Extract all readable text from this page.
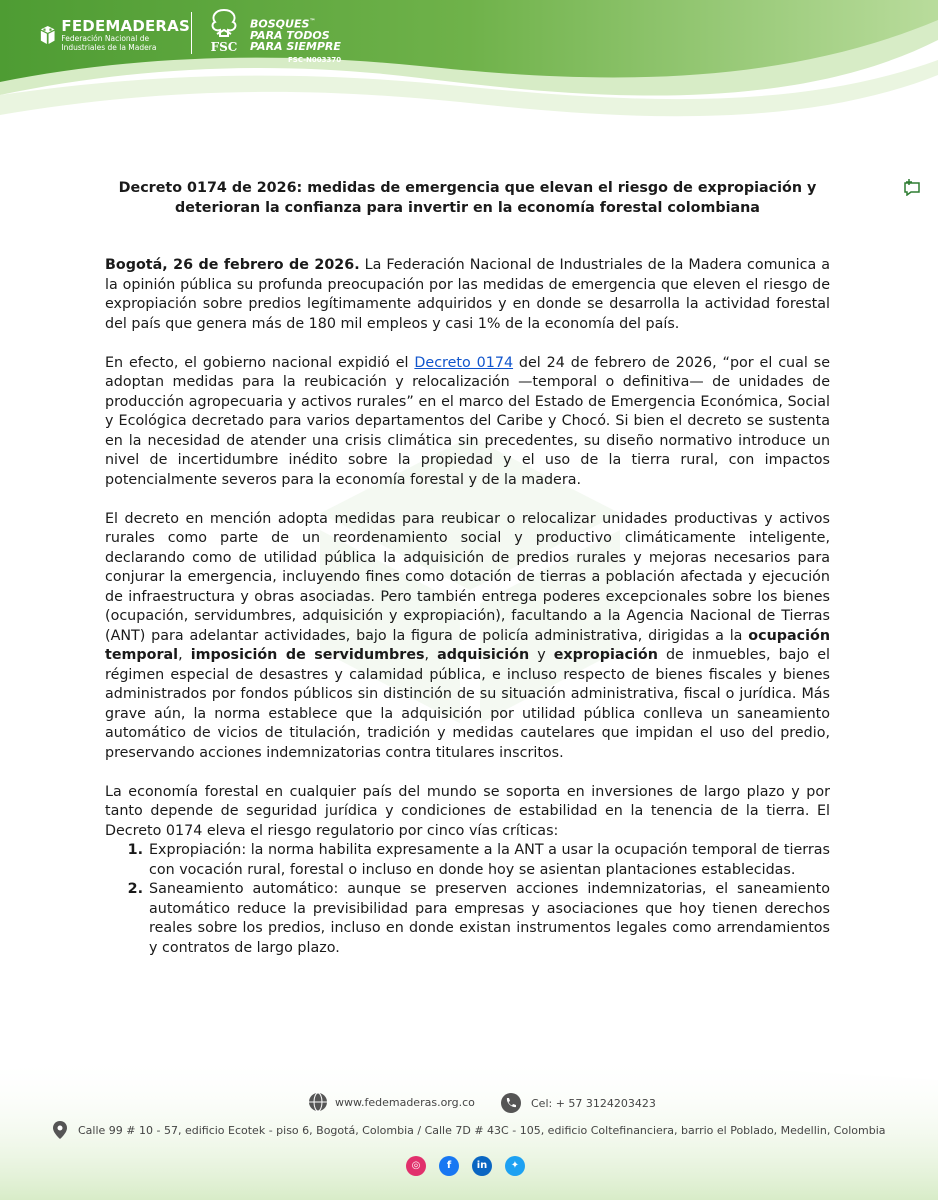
FEDEMADERAS
Federación Nacional de
Industriales de la Madera	FSC
BOSQUES™
PARA TODOS
PARA SIEMPRE
FSC-N003370
Decreto 0174 de 2026: medidas de emergencia que elevan el riesgo de expropiación y
deterioran la confianza para invertir en la economía forestal colombiana

Bogotá, 26 de febrero de 2026. La Federación Nacional de Industriales de la Madera comunica a la opinión pública su profunda preocupación por las medidas de emergencia que eleven el riesgo de expropiación sobre predios legítimamente adquiridos y en donde se desarrolla la actividad forestal del país que genera más de 180 mil empleos y casi 1% de la economía del país.

En efecto, el gobierno nacional expidió el Decreto 0174 del 24 de febrero de 2026, “por el cual se adoptan medidas para la reubicación y relocalización —temporal o definitiva— de unidades de producción agropecuaria y activos rurales” en el marco del Estado de Emergencia Económica, Social y Ecológica decretado para varios departamentos del Caribe y Chocó. Si bien el decreto se sustenta en la necesidad de atender una crisis climática sin precedentes, su diseño normativo introduce un nivel de incertidumbre inédito sobre la propiedad y el uso de la tierra rural, con impactos potencialmente severos para la economía forestal y de la madera.

El decreto en mención adopta medidas para reubicar o relocalizar unidades productivas y activos rurales como parte de un reordenamiento social y productivo climáticamente inteligente, declarando como de utilidad pública la adquisición de predios rurales y mejoras necesarios para conjurar la emergencia, incluyendo fines como dotación de tierras a población afectada y ejecución de infraestructura y obras asociadas. Pero también entrega poderes excepcionales sobre los bienes (ocupación, servidumbres, adquisición y expropiación), facultando a la Agencia Nacional de Tierras (ANT) para adelantar actividades, bajo la figura de policía administrativa, dirigidas a la ocupación temporal, imposición de servidumbres, adquisición y expropiación de inmuebles, bajo el régimen especial de desastres y calamidad pública, e incluso respecto de bienes fiscales y bienes administrados por fondos públicos sin distinción de su situación administrativa, fiscal o jurídica. Más grave aún, la norma establece que la adquisición por utilidad pública conlleva un saneamiento automático de vicios de titulación, tradición y medidas cautelares que impidan el uso del predio, preservando acciones indemnizatorias contra titulares inscritos.

La economía forestal en cualquier país del mundo se soporta en inversiones de largo plazo y por tanto depende de seguridad jurídica y condiciones de estabilidad en la tenencia de la tierra. El Decreto 0174 eleva el riesgo regulatorio por cinco vías críticas:

1. Expropiación: la norma habilita expresamente a la ANT a usar la ocupación temporal de tierras con vocación rural, forestal o incluso en donde hoy se asientan plantaciones establecidas.
2. Saneamiento automático: aunque se preserven acciones indemnizatorias, el saneamiento automático reduce la previsibilidad para empresas y asociaciones que hoy tienen derechos reales sobre los predios, incluso en donde existan instrumentos legales como arrendamientos y contratos de largo plazo.
www.fedemaderas.org.co	Cel: + 57 3124203423
Calle 99 # 10 - 57, edificio Ecotek - piso 6, Bogotá, Colombia / Calle 7D # 43C - 105, edificio Coltefinanciera, barrio el Poblado, Medellin, Colombia
◎	f	in	✦
